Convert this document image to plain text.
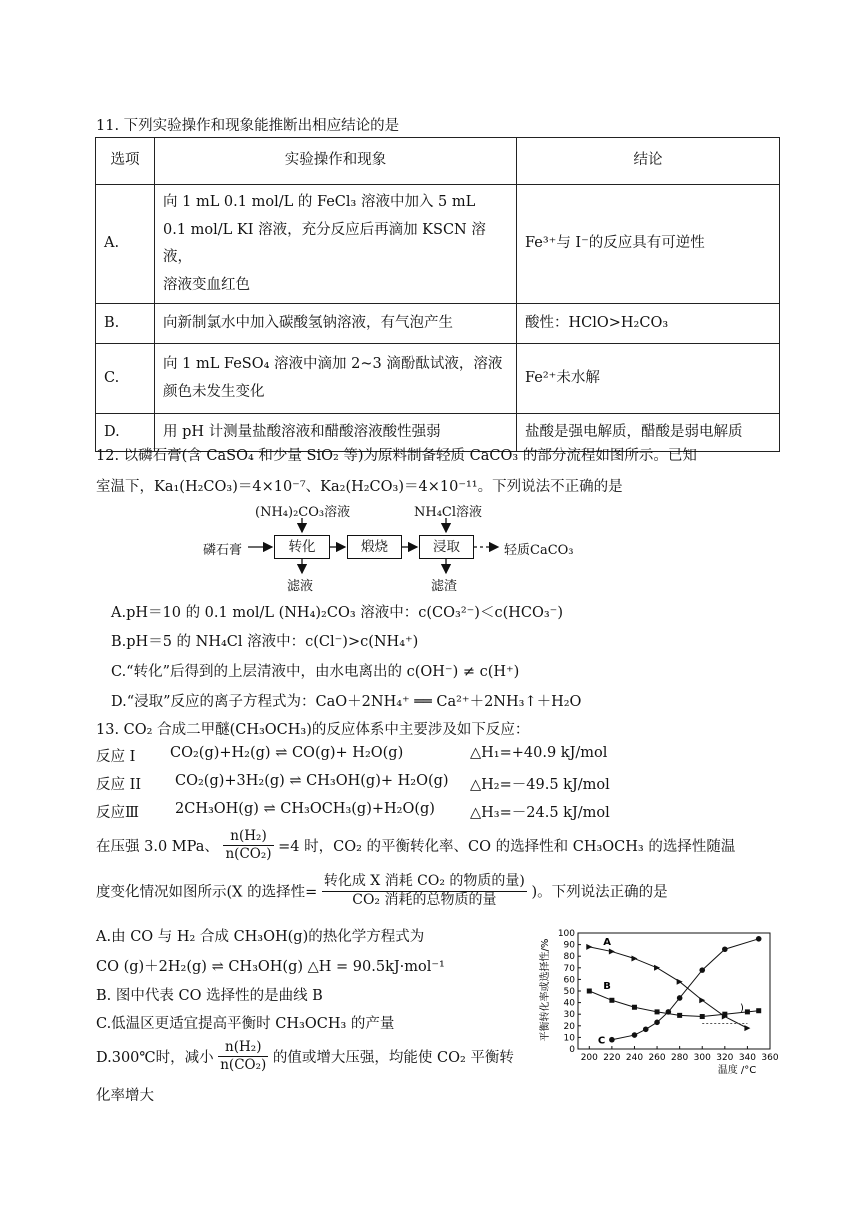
11. 下列实验操作和现象能推断出相应结论的是
选项	实验操作和现象	结论
A.	向 1 mL 0.1 mol/L 的 FeCl₃ 溶液中加入 5 mL
0.1 mol/L KI 溶液，充分反应后再滴加 KSCN 溶液，
溶液变血红色	Fe³⁺与 I⁻的反应具有可逆性
B.	向新制氯水中加入碳酸氢钠溶液，有气泡产生	酸性：HClO>H₂CO₃
C.	向 1 mL FeSO₄ 溶液中滴加 2~3 滴酚酞试液，溶液
颜色未发生变化	Fe²⁺未水解
D.	用 pH 计测量盐酸溶液和醋酸溶液酸性强弱	盐酸是强电解质，醋酸是弱电解质
12. 以磷石膏(含 CaSO₄ 和少量 SiO₂ 等)为原料制备轻质 CaCO₃ 的部分流程如图所示。已知
室温下，Ka₁(H₂CO₃)＝4×10⁻⁷、Ka₂(H₂CO₃)＝4×10⁻¹¹。下列说法不正确的是
磷石膏	转化	煅烧	浸取	轻质CaCO₃
(NH₄)₂CO₃溶液	NH₄Cl溶液
滤液	滤渣
A.pH＝10 的 0.1 mol/L (NH₄)₂CO₃ 溶液中：c(CO₃²⁻)＜c(HCO₃⁻)
B.pH＝5 的 NH₄Cl 溶液中：c(Cl⁻)>c(NH₄⁺)
C.“转化”后得到的上层清液中，由水电离出的 c(OH⁻) ≠ c(H⁺)
D.“浸取”反应的离子方程式为：CaO＋2NH₄⁺ ══ Ca²⁺＋2NH₃↑＋H₂O
13. CO₂ 合成二甲醚(CH₃OCH₃)的反应体系中主要涉及如下反应：
反应 I CO₂(g)+H₂(g) ⇌ CO(g)+ H₂O(g)	△H₁=+40.9 kJ/mol
反应 II CO₂(g)+3H₂(g) ⇌ CH₃OH(g)+ H₂O(g) △H₂=－49.5 kJ/mol
反应Ⅲ 2CH₃OH(g) ⇌ CH₃OCH₃(g)+H₂O(g) △H₃=－24.5 kJ/mol
在压强 3.0 MPa、 $\frac{\text{n(H₂)}}{\text{n(CO₂)}} =4$ 时，CO₂ 的平衡转化率、CO 的选择性和 CH₃OCH₃ 的选择性随温
度变化情况如图所示(X 的选择性= $\frac{\text{转化成 X 消耗 CO₂ 的物质的量)}}{\text{CO₂ 消耗的总物质的量}}$ )。下列说法正确的是
A.由 CO 与 H₂ 合成 CH₃OH(g)的热化学方程式为
CO (g)＋2H₂(g) ⇌ CH₃OH(g) △H = 90.5kJ·mol⁻¹
B. 图中代表 CO 选择性的是曲线 B
C.低温区更适宜提高平衡时 CH₃OCH₃ 的产量
D.300℃时，减小 $\frac{\text{n(H₂)}}{\text{n(CO₂)}}$ 的值或增大压强，均能使 CO₂ 平衡转
化率增大
0
10
20
30
40
50
60
70
80
90
100
200 220 240 260 280 300 320 340 360
A
B
C
平衡转化率或选择性/%
温度 /°C
)
